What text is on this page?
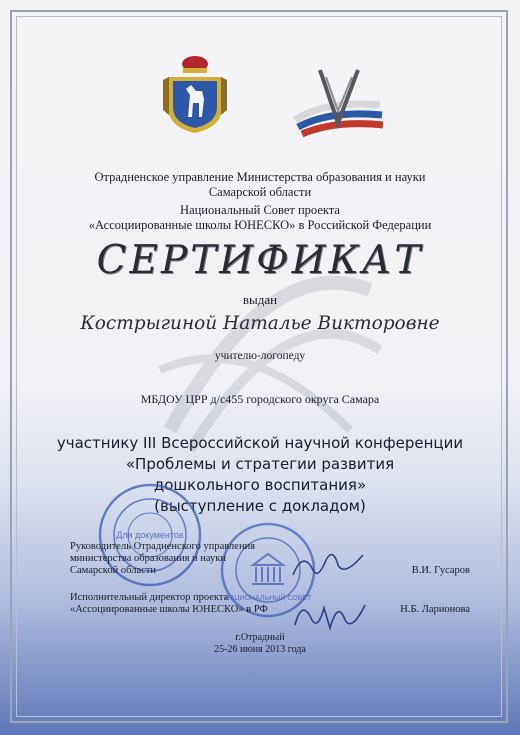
Отрадненское управление Министерства образования и науки
Самарской области
Национальный Совет проекта
«Ассоциированные школы ЮНЕСКО» в Российской Федерации
СЕРТИФИКАТ
выдан
Кострыгиной Наталье Викторовне
учителю-логопеду
МБДОУ ЦРР д/с455 городского округа Самара
участнику III Всероссийской научной конференции
«Проблемы и стратегии развития
дошкольного воспитания»
(выступление с докладом)
Для документов
НАЦИОНАЛЬНЫЙ СОВЕТ
Руководитель Отрадненского управления
министерства образования и науки
Самарской области	В.И. Гусаров
Исполнительный директор проекта
«Ассоциированные школы ЮНЕСКО» в РФ	Н.Б. Ларионова
г.Отрадный
25-26 июня 2013 года
